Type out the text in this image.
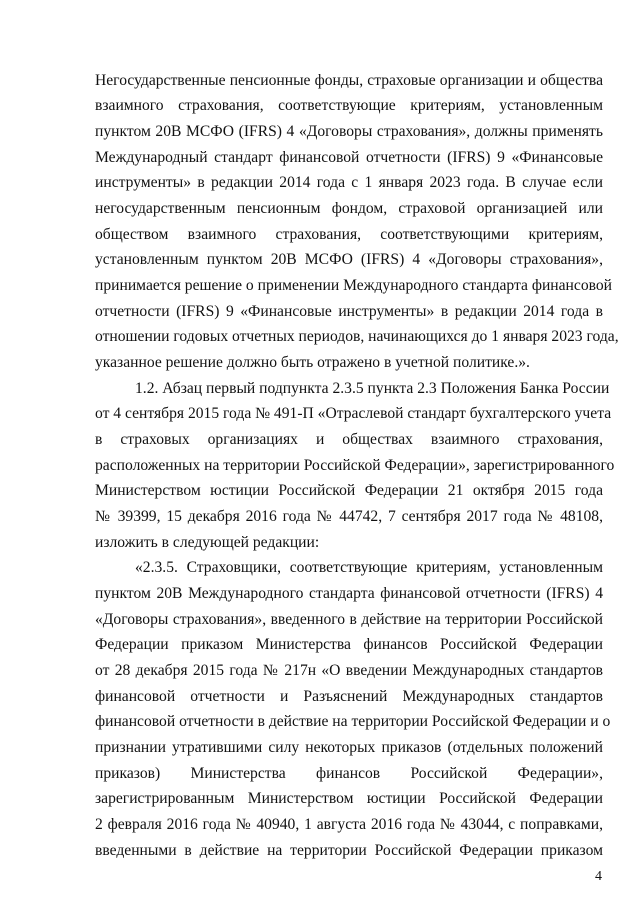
Негосударственные пенсионные фонды, страховые организации и общества
взаимного страхования, соответствующие критериям, установленным
пунктом 20В МСФО (IFRS) 4 «Договоры страхования», должны применять
Международный стандарт финансовой отчетности (IFRS) 9 «Финансовые
инструменты» в редакции 2014 года с 1 января 2023 года. В случае если
негосударственным пенсионным фондом, страховой организацией или
обществом взаимного страхования, соответствующими критериям,
установленным пунктом 20В МСФО (IFRS) 4 «Договоры страхования»,
принимается решение о применении Международного стандарта финансовой
отчетности (IFRS) 9 «Финансовые инструменты» в редакции 2014 года в
отношении годовых отчетных периодов, начинающихся до 1 января 2023 года,
указанное решение должно быть отражено в учетной политике.».
1.2. Абзац первый подпункта 2.3.5 пункта 2.3 Положения Банка России
от 4 сентября 2015 года № 491-П «Отраслевой стандарт бухгалтерского учета
в страховых организациях и обществах взаимного страхования,
расположенных на территории Российской Федерации», зарегистрированного
Министерством юстиции Российской Федерации 21 октября 2015 года
№ 39399, 15 декабря 2016 года № 44742, 7 сентября 2017 года № 48108,
изложить в следующей редакции:
«2.3.5. Страховщики, соответствующие критериям, установленным
пунктом 20В Международного стандарта финансовой отчетности (IFRS) 4
«Договоры страхования», введенного в действие на территории Российской
Федерации приказом Министерства финансов Российской Федерации
от 28 декабря 2015 года № 217н «О введении Международных стандартов
финансовой отчетности и Разъяснений Международных стандартов
финансовой отчетности в действие на территории Российской Федерации и о
признании утратившими силу некоторых приказов (отдельных положений
приказов) Министерства финансов Российской Федерации»,
зарегистрированным Министерством юстиции Российской Федерации
2 февраля 2016 года № 40940, 1 августа 2016 года № 43044, с поправками,
введенными в действие на территории Российской Федерации приказом
4
